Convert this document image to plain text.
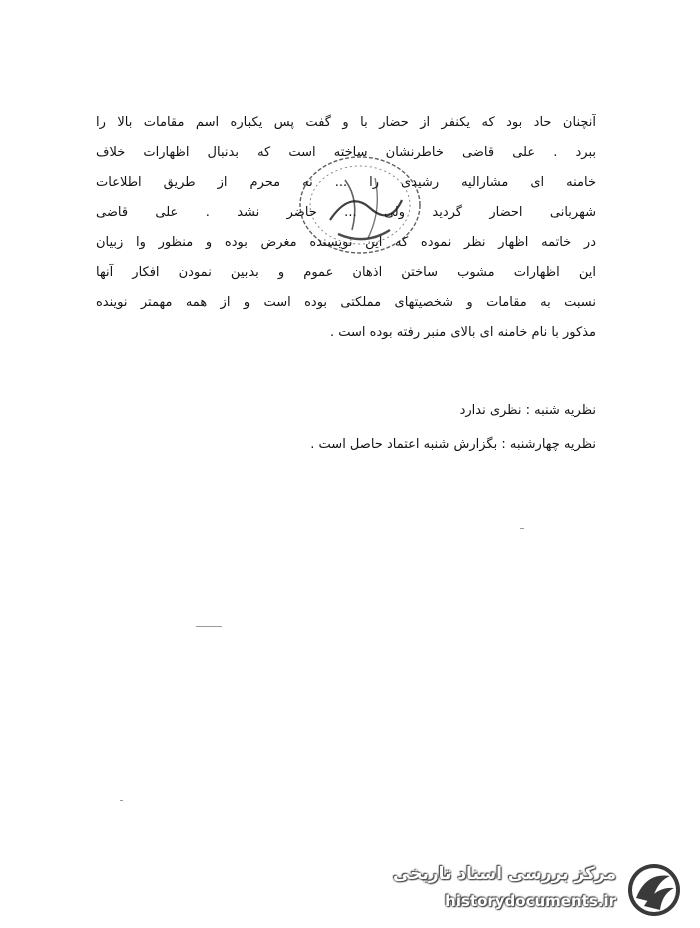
آنچنان حاد بود که یکنفر از حضار با و گفت پس یکباره اسم مقامات بالا را
ببرد . علی قاضی خاطرنشان ساخته است که بدنبال اظهارات خلاف
خامنه ای مشارالیه رشیدی را ... نه محرم از طریق اطلاعات
شهربانی احضار گردید ولی ... حاضر نشد . علی قاضی
در خاتمه اظهار نظر نموده که این نویسنده مغرض بوده و منظور وا زبیان
این اظهارات مشوب ساختن اذهان عموم و بدبین نمودن افکار آنها
نسبت به مقامات و شخصیتهای مملکتی بوده است و از همه مهمتر نوینده
مذکور با نام خامنه ای بالای منبر رفته بوده است .
نظریه شنبه : نظری ندارد
نظریه چهارشنبه : بگزارش شنبه اعتماد حاصل است .
مرکز بررسی اسناد تاریخی
historydocuments.ir
